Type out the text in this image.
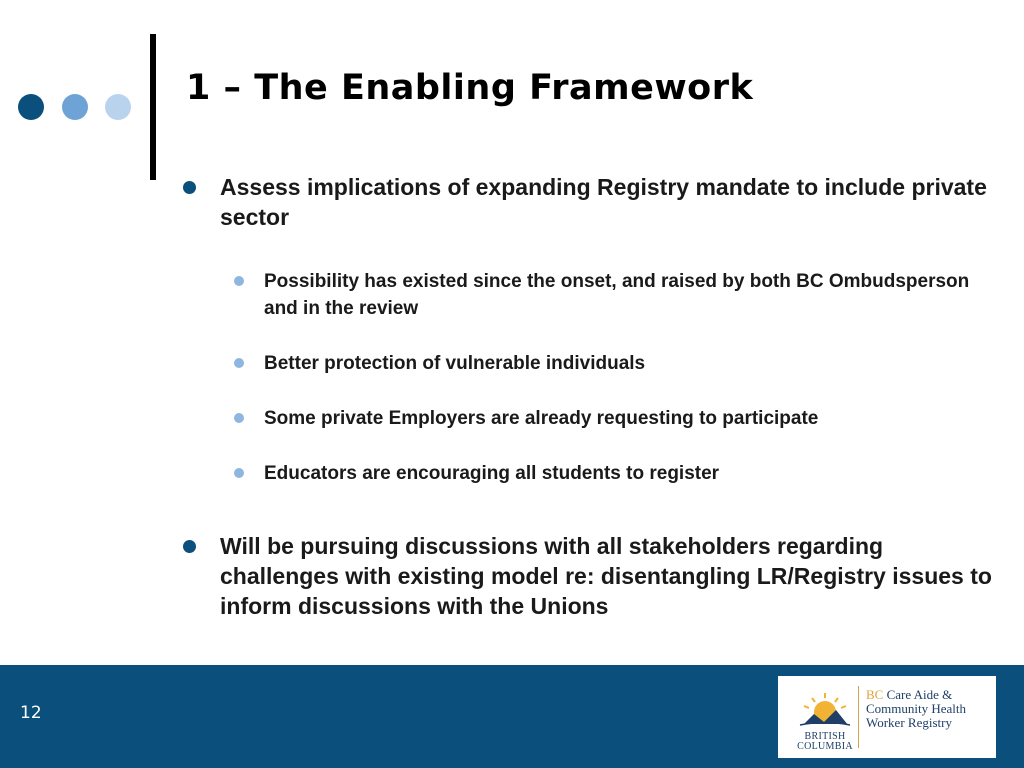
1 – The Enabling Framework
Assess implications of expanding Registry mandate to include private sector
Possibility has existed since the onset, and raised by both BC Ombudsperson and in the review
Better protection of vulnerable individuals
Some private Employers are already requesting to participate
Educators are encouraging all students to register
Will be pursuing discussions with all stakeholders regarding challenges with existing model re: disentangling LR/Registry issues to inform discussions with the Unions
12
BRITISH
COLUMBIA
BC Care Aide &
Community Health
Worker Registry
